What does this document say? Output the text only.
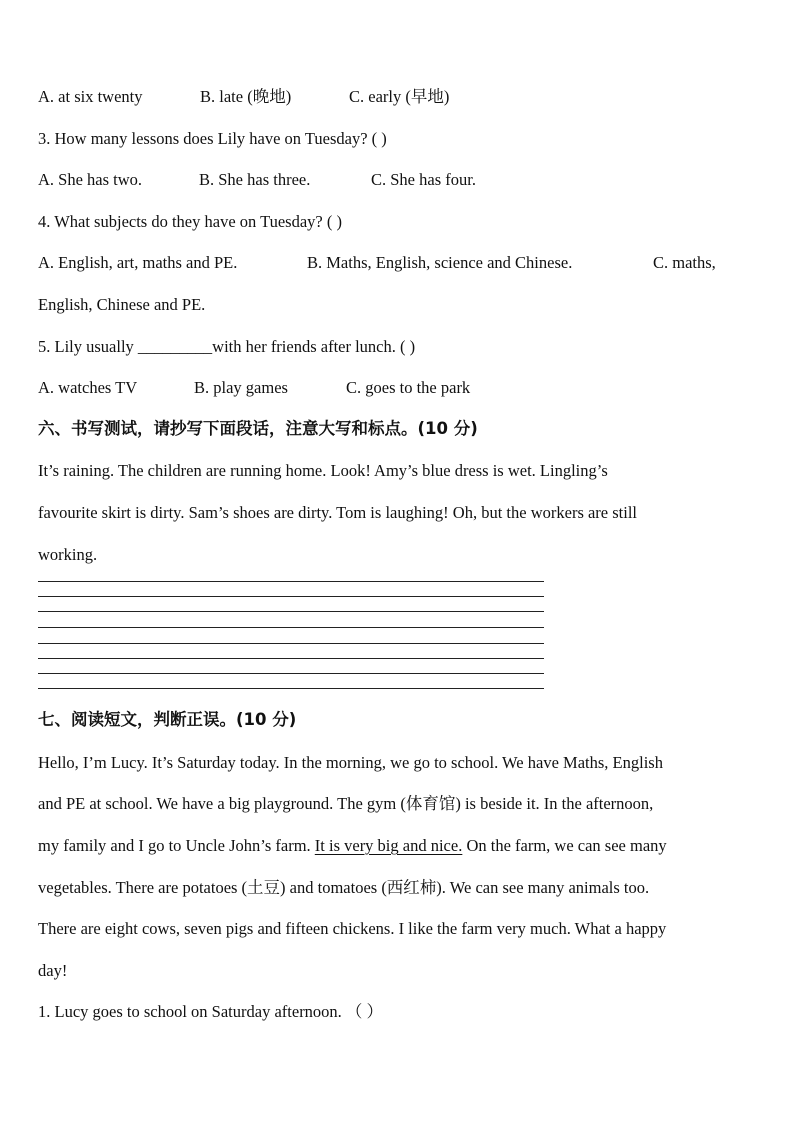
A. at six twenty	B. late (晚地)	C. early (早地)
3. How many lessons does Lily have on Tuesday? ( )
A. She has two.	B. She has three.	C. She has four.
4. What subjects do they have on Tuesday? ( )
A. English, art, maths and PE.	B. Maths, English, science and Chinese.	C. maths,
English, Chinese and PE.
5. Lily usually _________with her friends after lunch. ( )
A. watches TV	B. play games	C. goes to the park
六、书写测试，请抄写下面段话，注意大写和标点。(10 分)
It’s raining. The children are running home. Look! Amy’s blue dress is wet. Lingling’s
favourite skirt is dirty. Sam’s shoes are dirty. Tom is laughing! Oh, but the workers are still
working.
七、阅读短文，判断正误。(10 分)
Hello, I’m Lucy. It’s Saturday today. In the morning, we go to school. We have Maths, English
and PE at school. We have a big playground. The gym (体育馆) is beside it. In the afternoon,
my family and I go to Uncle John’s farm. It is very big and nice. On the farm, we can see many
vegetables. There are potatoes (土豆) and tomatoes (西红柿). We can see many animals too.
There are eight cows, seven pigs and fifteen chickens. I like the farm very much. What a happy
day!
1. Lucy goes to school on Saturday afternoon. （ ）
